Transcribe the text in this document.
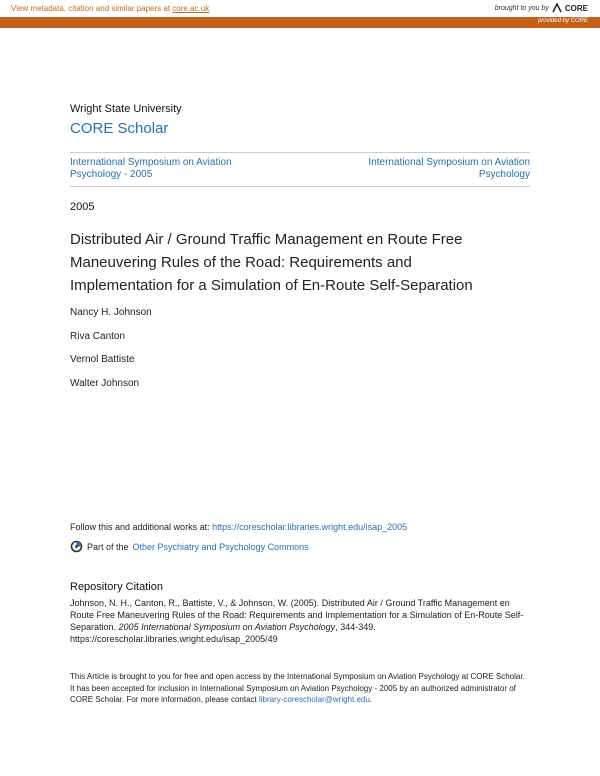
View metadata, citation and similar papers at core.ac.uk	brought to you by CORE
provided by CORE
Wright State University
CORE Scholar
International Symposium on Aviation Psychology - 2005
International Symposium on Aviation Psychology
2005
Distributed Air / Ground Traffic Management en Route Free Maneuvering Rules of the Road: Requirements and Implementation for a Simulation of En-Route Self-Separation
Nancy H. Johnson
Riva Canton
Vernol Battiste
Walter Johnson
Follow this and additional works at: https://corescholar.libraries.wright.edu/isap_2005
Part of the Other Psychiatry and Psychology Commons
Repository Citation
Johnson, N. H., Canton, R., Battiste, V., & Johnson, W. (2005). Distributed Air / Ground Traffic Management en Route Free Maneuvering Rules of the Road: Requirements and Implementation for a Simulation of En-Route Self-Separation. 2005 International Symposium on Aviation Psychology, 344-349.
https://corescholar.libraries.wright.edu/isap_2005/49
This Article is brought to you for free and open access by the International Symposium on Aviation Psychology at CORE Scholar. It has been accepted for inclusion in International Symposium on Aviation Psychology - 2005 by an authorized administrator of CORE Scholar. For more information, please contact library-corescholar@wright.edu.
